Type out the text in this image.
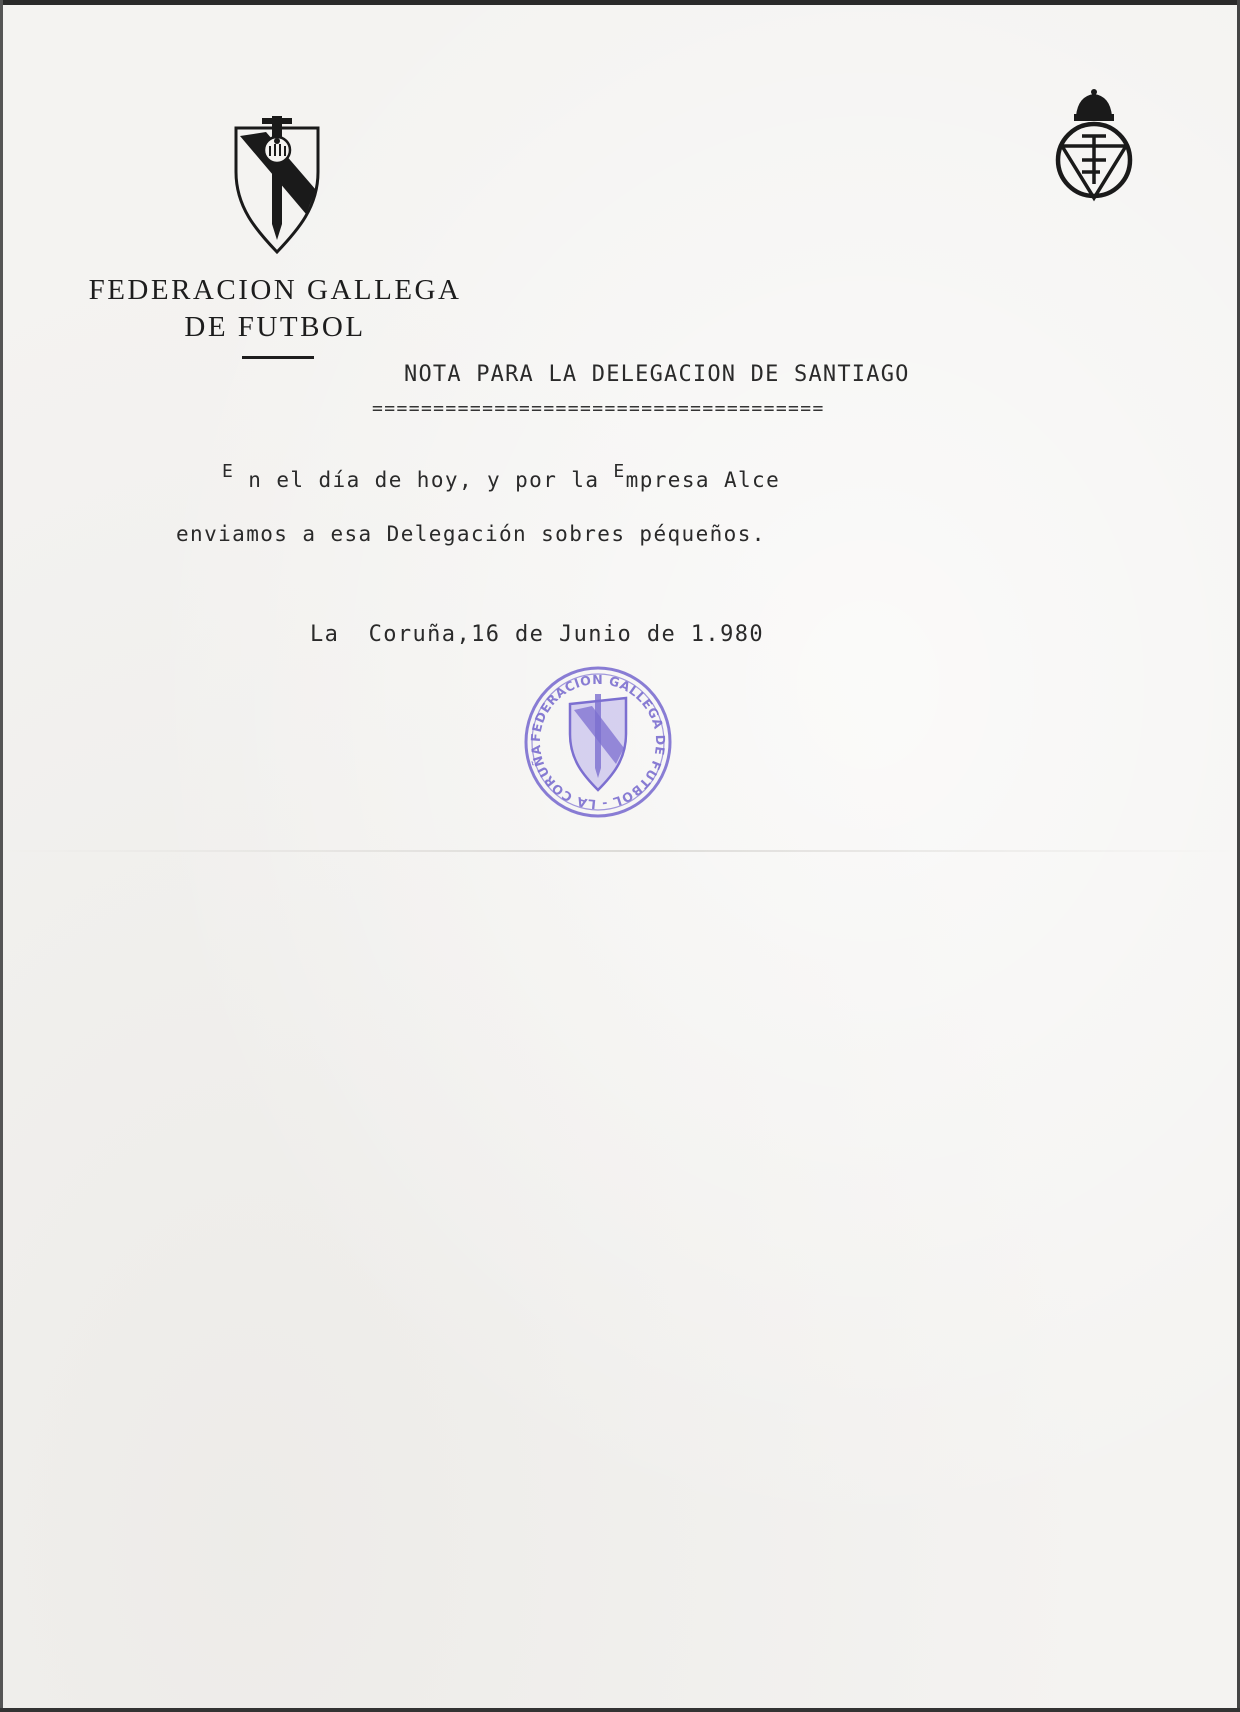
FEDERACION GALLEGA
DE FUTBOL
NOTA PARA LA DELEGACION DE SANTIAGO
=====================================
E n el día de hoy, y por la Empresa Alce
enviamos a esa Delegación sobres péqueños.
La  Coruña,16 de Junio de 1.980
FEDERACION GALLEGA DE FUTBOL - LA CORUÑA
